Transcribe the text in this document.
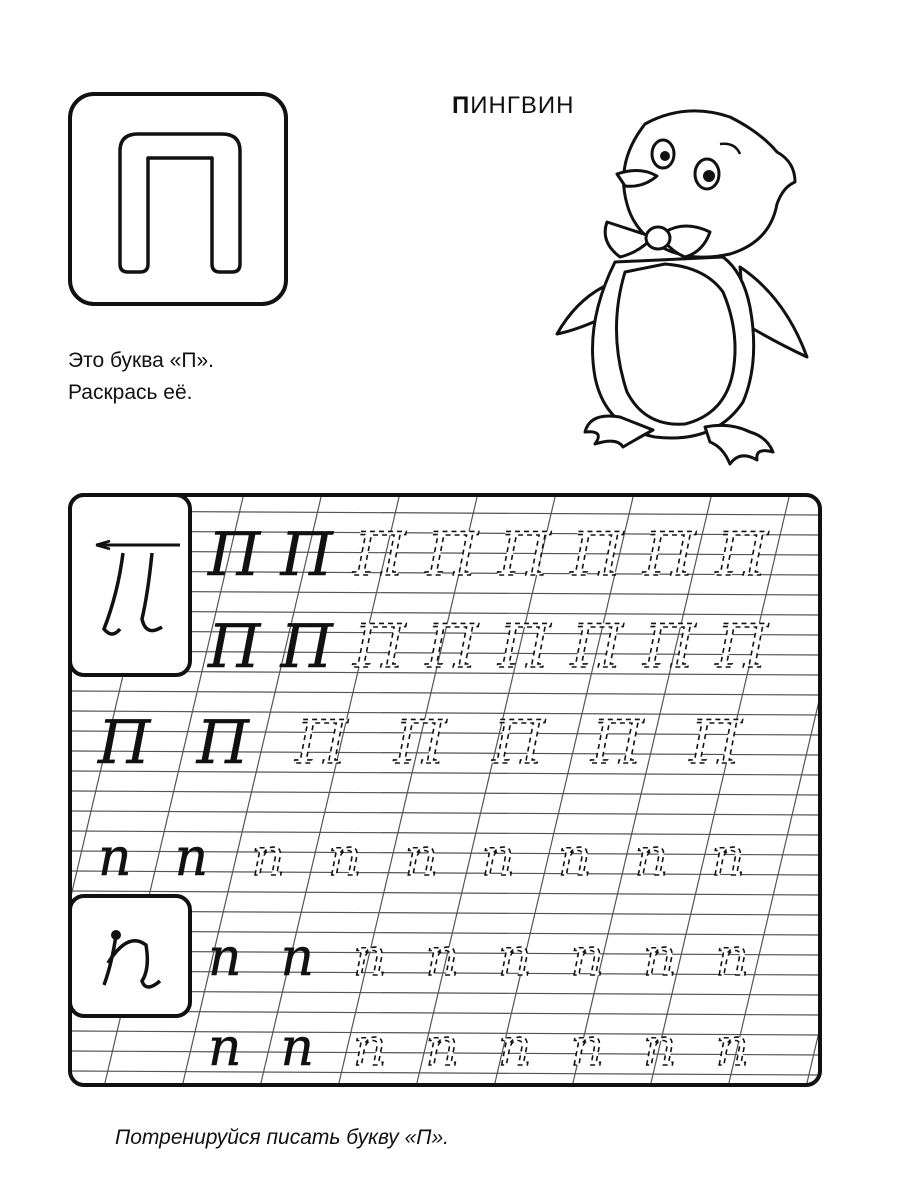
ПИНГВИН
Это буква «П».
Раскрась её.
П П П П П П П П
П П П П П П П П
П П П П П П П
п п п п п п п п п
п п п п п п п п
п п п п п п п п
Потренируйся писать букву «П».
